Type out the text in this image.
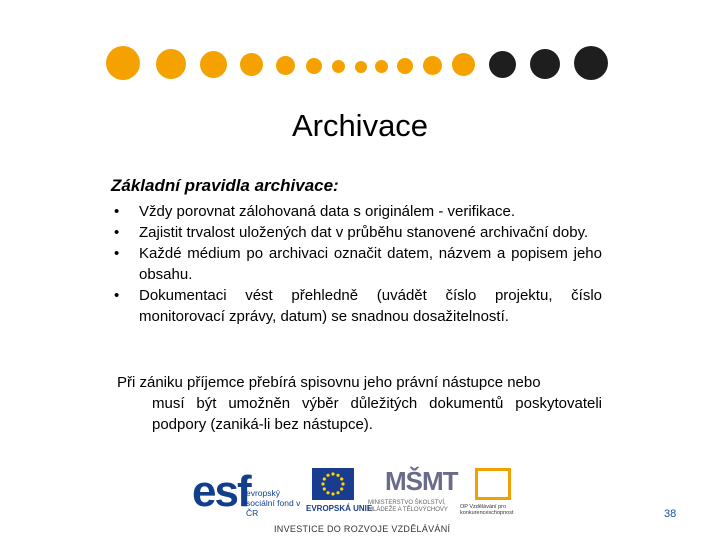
Archivace
Základní pravidla archivace:
• Vždy porovnat zálohovaná data s originálem - verifikace.
• Zajistit trvalost uložených dat v průběhu stanovené archivační doby.
• Každé médium po archivaci označit datem, názvem a popisem jeho obsahu.
• Dokumentaci vést přehledně (uvádět číslo projektu, číslo monitorovací zprávy, datum) se snadnou dosažitelností.
Při zániku příjemce přebírá spisovnu jeho právní nástupce nebo
musí být umožněn výběr důležitých dokumentů poskytovateli podpory (zaniká-li bez nástupce).
esf
evropský sociální fond v ČR	EVROPSKÁ UNIE
MŠMT
MINISTERSTVO ŠKOLSTVÍ, MLÁDEŽE A TĚLOVÝCHOVY OP Vzdělávání pro konkurenceschopnost
INVESTICE DO ROZVOJE VZDĚLÁVÁNÍ
38
